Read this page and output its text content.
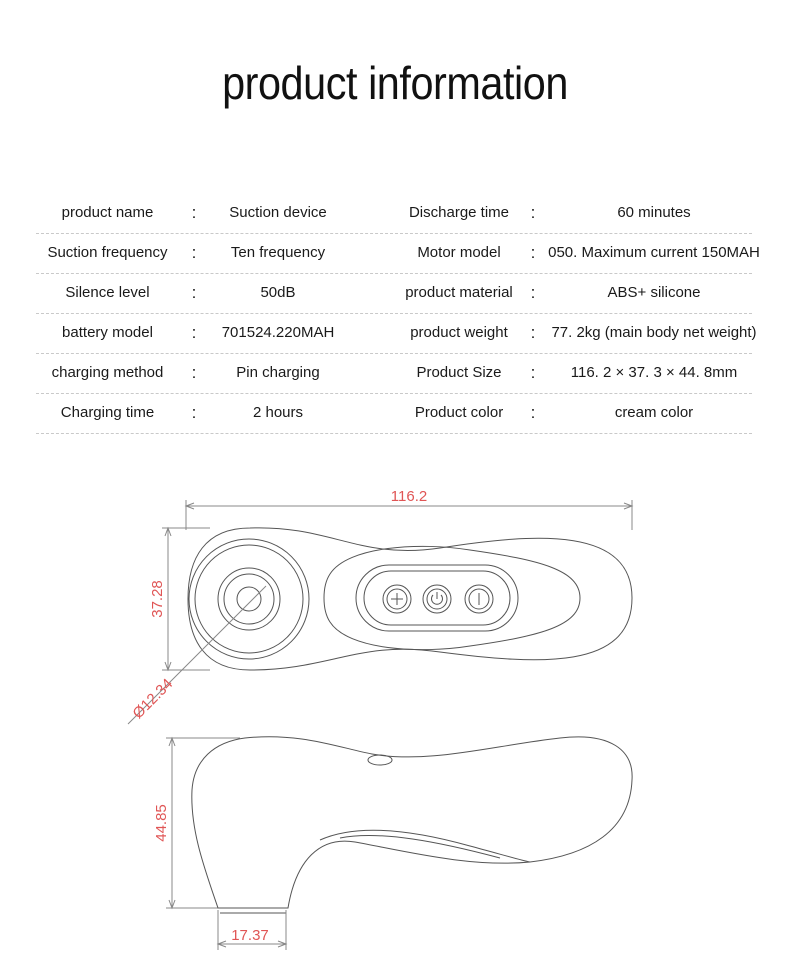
product information
product name	:	Suction device	Discharge time	:	60 minutes
Suction frequency	:	Ten frequency	Motor model	: 050. Maximum current 150MAH
Silence level	:	50dB	product material	:	ABS+ silicone
battery model	:	701524.220MAH	product weight	:	77. 2kg (main body net weight)
charging method	:	Pin charging	Product Size	:	116. 2 × 37. 3 × 44. 8mm
Charging time	:	2 hours	Product color	:	cream color
116.2
37.28
Ø12.34
44.85
17.37
